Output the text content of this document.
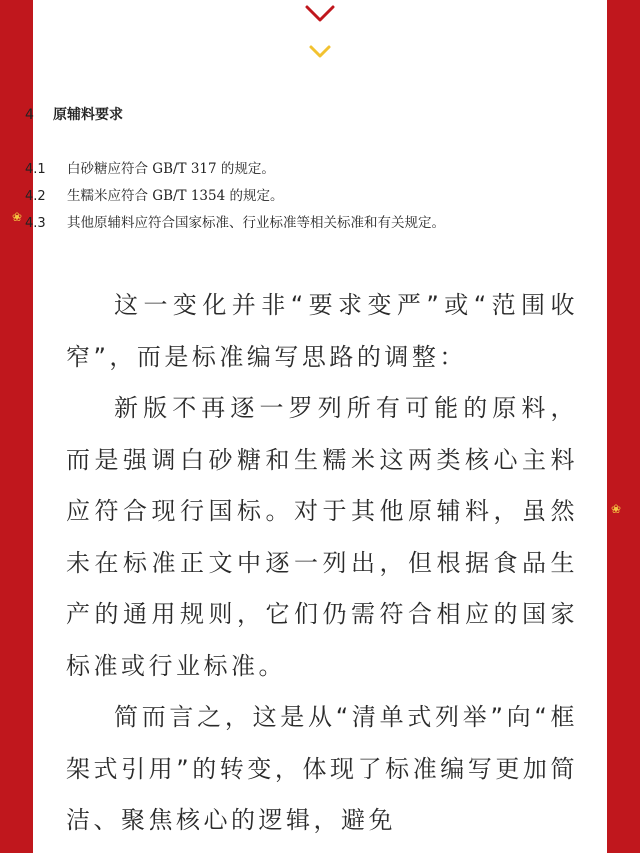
❀
❀
4 原辅料要求
4.1 白砂糖应符合 GB/T 317 的规定。
4.2 生糯米应符合 GB/T 1354 的规定。
4.3 其他原辅料应符合国家标准、行业标准等相关标准和有关规定。

这一变化并非“要求变严”或“范围收窄”，而是标准编写思路的调整：

新版不再逐一罗列所有可能的原料，而是强调白砂糖和生糯米这两类核心主料应符合现行国标。对于其他原辅料，虽然未在标准正文中逐一列出，但根据食品生产的通用规则，它们仍需符合相应的国家标准或行业标准。

简而言之，这是从“清单式列举”向“框架式引用”的转变，体现了标准编写更加简洁、聚焦核心的逻辑，避免
